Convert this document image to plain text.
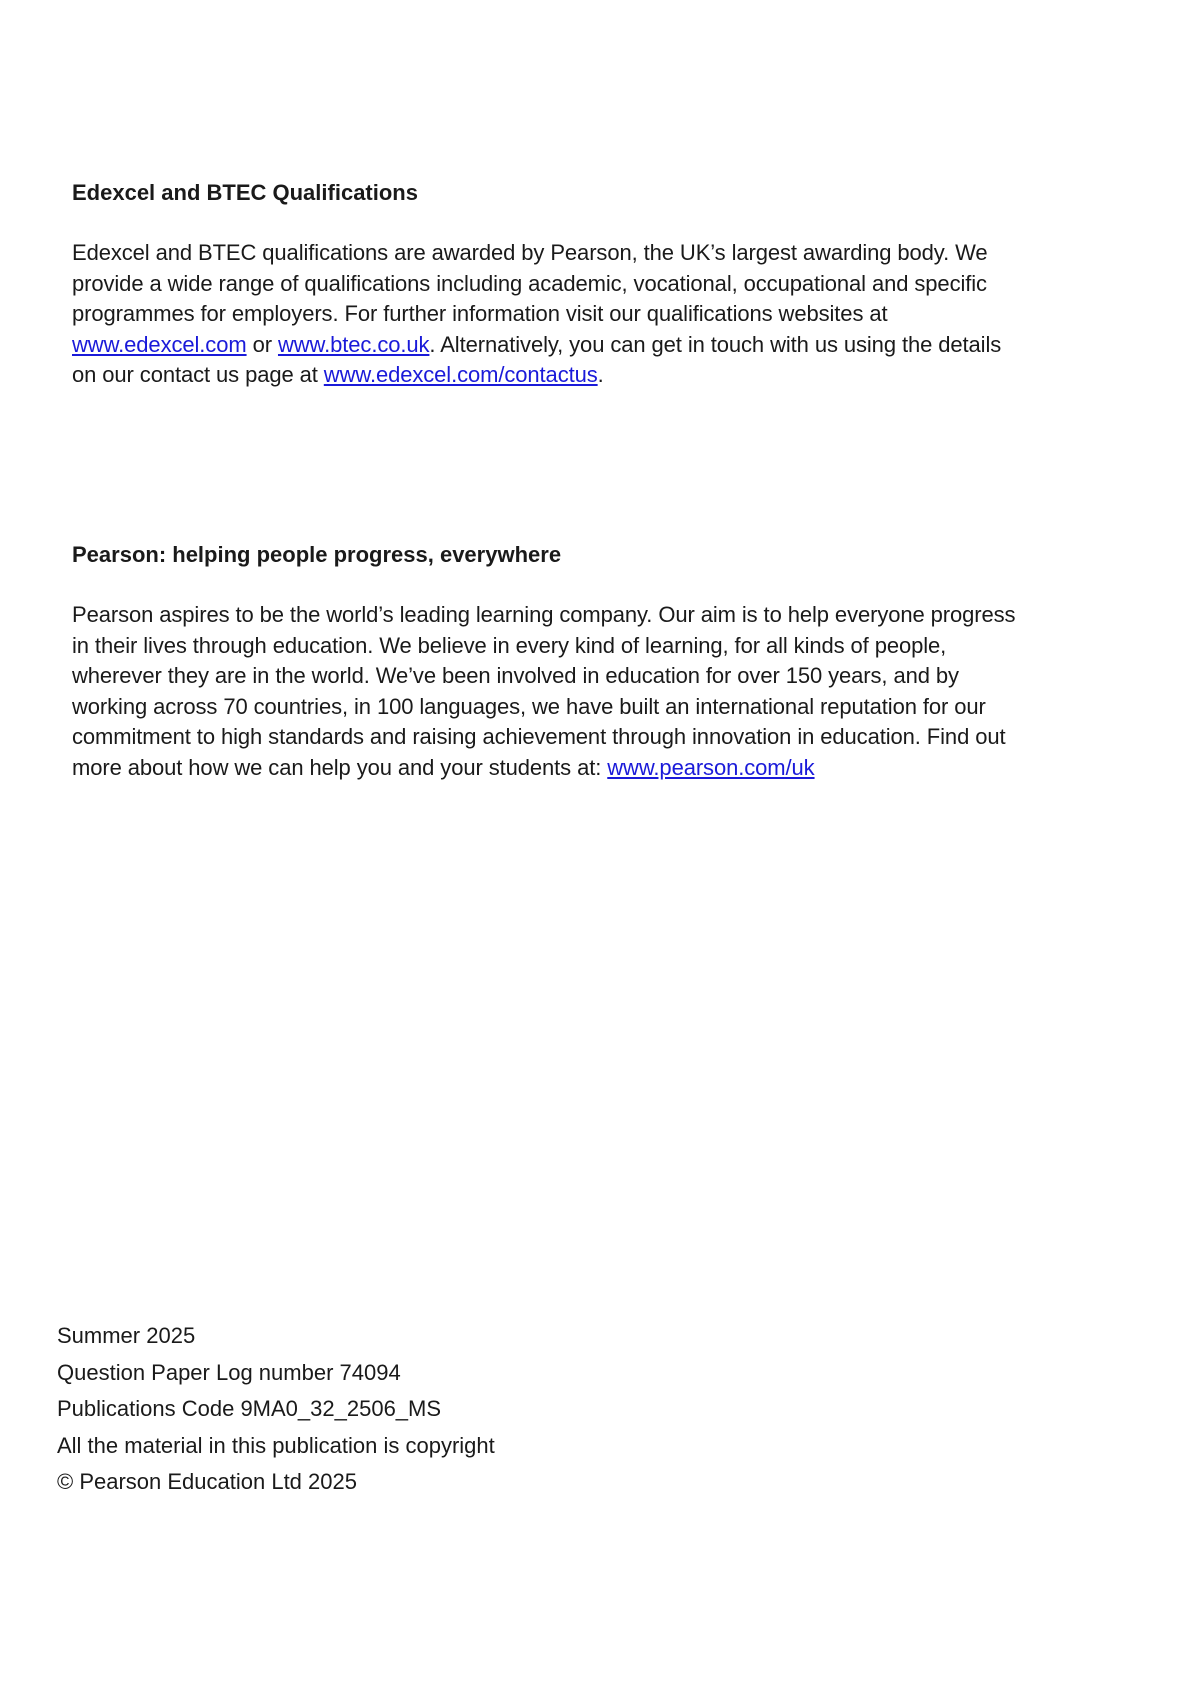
Edexcel and BTEC Qualifications

Edexcel and BTEC qualifications are awarded by Pearson, the UK’s largest awarding body. We
provide a wide range of qualifications including academic, vocational, occupational and specific
programmes for employers. For further information visit our qualifications websites at
www.edexcel.com or www.btec.co.uk. Alternatively, you can get in touch with us using the details
on our contact us page at www.edexcel.com/contactus.

Pearson: helping people progress, everywhere

Pearson aspires to be the world’s leading learning company. Our aim is to help everyone progress
in their lives through education. We believe in every kind of learning, for all kinds of people,
wherever they are in the world. We’ve been involved in education for over 150 years, and by
working across 70 countries, in 100 languages, we have built an international reputation for our
commitment to high standards and raising achievement through innovation in education. Find out
more about how we can help you and your students at: www.pearson.com/uk

Summer 2025
Question Paper Log number 74094
Publications Code 9MA0_32_2506_MS
All the material in this publication is copyright
© Pearson Education Ltd 2025
